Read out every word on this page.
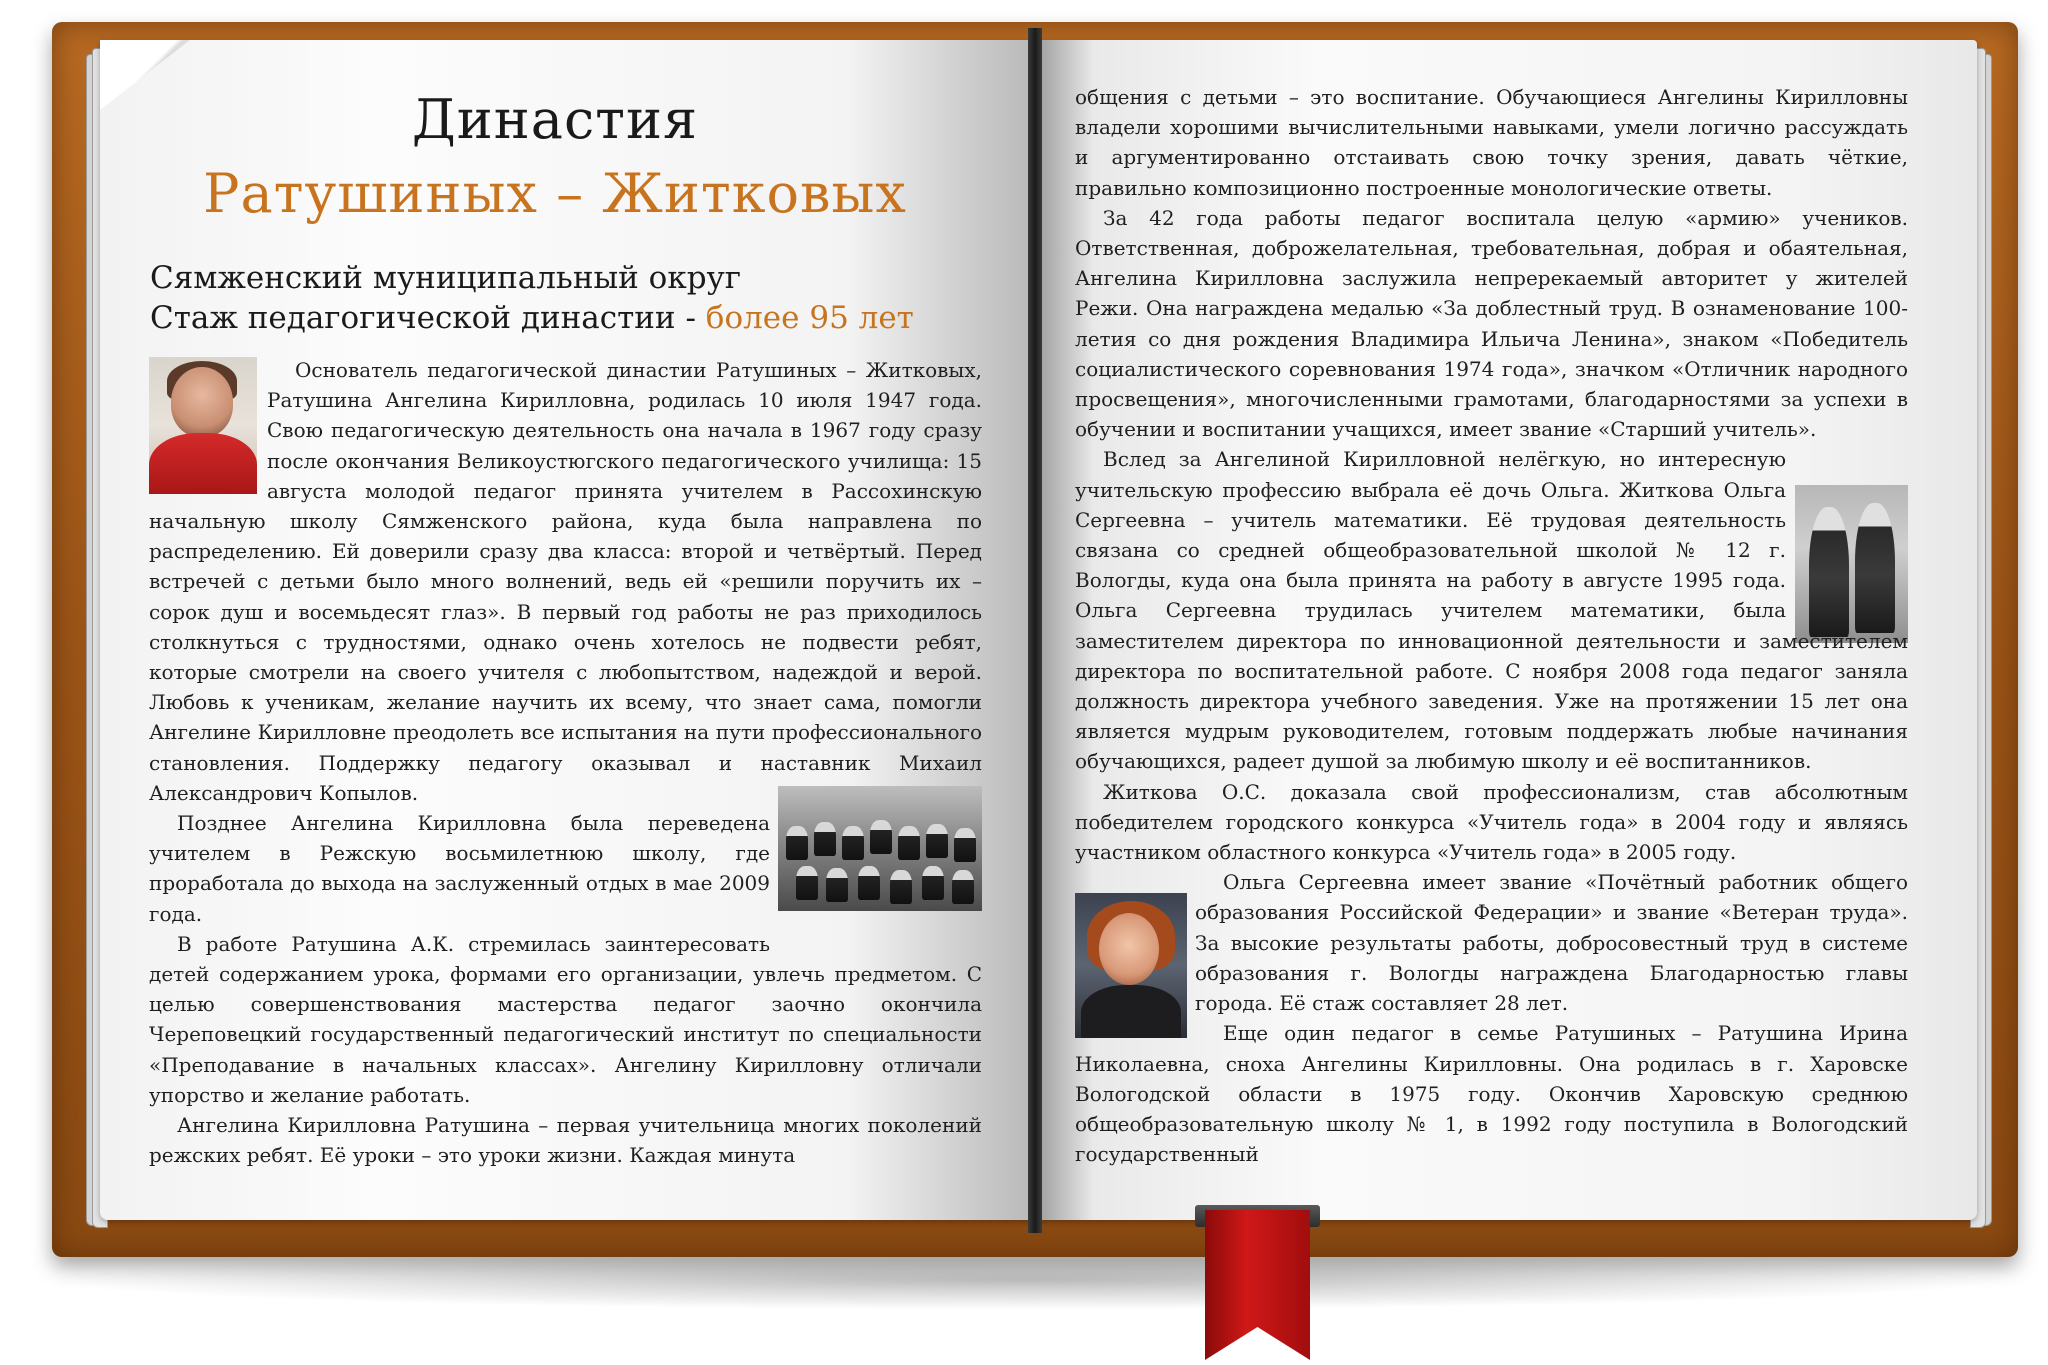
Династия
Ратушиных – Житковых
Сямженский муниципальный округ
Стаж педагогической династии - более 95 лет

Основатель педагогической династии Ратушиных – Житковых, Ратушина Ангелина Кирилловна, родилась 10 июля 1947 года. Свою педагогическую деятельность она начала в 1967 году сразу после окончания Великоустюгского педагогического училища: 15 августа молодой педагог принята учителем в Рассохинскую начальную школу Сямженского района, куда была направлена по распределению. Ей доверили сразу два класса: второй и четвёртый. Перед встречей с детьми было много волнений, ведь ей «решили поручить их – сорок душ и восемьдесят глаз». В первый год работы не раз приходилось столкнуться с трудностями, однако очень хотелось не подвести ребят, которые смотрели на своего учителя с любопытством, надеждой и верой. Любовь к ученикам, желание научить их всему, что знает сама, помогли Ангелине Кирилловне преодолеть все испытания на пути профессионального становления. Поддержку педагогу оказывал и наставник Михаил Александрович Копылов.

Позднее Ангелина Кирилловна была переведена учителем в Режскую восьмилетнюю школу, где проработала до выхода на заслуженный отдых в мае 2009 года.

В работе Ратушина А.К. стремилась заинтересовать детей содержанием урока, формами его организации, увлечь предметом. С целью совершенствования мастерства педагог заочно окончила Череповецкий государственный педагогический институт по специальности «Преподавание в начальных классах». Ангелину Кирилловну отличали упорство и желание работать.

Ангелина Кирилловна Ратушина – первая учительница многих поколений режских ребят. Её уроки – это уроки жизни. Каждая минута

общения с детьми – это воспитание. Обучающиеся Ангелины Кирилловны владели хорошими вычислительными навыками, умели логично рассуждать и аргументированно отстаивать свою точку зрения, давать чёткие, правильно композиционно построенные монологические ответы.

За 42 года работы педагог воспитала целую «армию» учеников. Ответственная, доброжелательная, требовательная, добрая и обаятельная, Ангелина Кирилловна заслужила непререкаемый авторитет у жителей Режи. Она награждена медалью «За доблестный труд. В ознаменование 100-летия со дня рождения Владимира Ильича Ленина», знаком «Победитель социалистического соревнования 1974 года», значком «Отличник народного просвещения», многочисленными грамотами, благодарностями за успехи в обучении и воспитании учащихся, имеет звание «Старший учитель».

Вслед за Ангелиной Кирилловной нелёгкую, но интересную учительскую профессию выбрала её дочь Ольга. Житкова Ольга Сергеевна – учитель математики. Её трудовая деятельность связана со средней общеобразовательной школой № 12 г. Вологды, куда она была принята на работу в августе 1995 года. Ольга Сергеевна трудилась учителем математики, была заместителем директора по инновационной деятельности и заместителем директора по воспитательной работе. С ноября 2008 года педагог заняла должность директора учебного заведения. Уже на протяжении 15 лет она является мудрым руководителем, готовым поддержать любые начинания обучающихся, радеет душой за любимую школу и её воспитанников.

Житкова О.С. доказала свой профессионализм, став абсолютным победителем городского конкурса «Учитель года» в 2004 году и являясь участником областного конкурса «Учитель года» в 2005 году.

Ольга Сергеевна имеет звание «Почётный работник общего образования Российской Федерации» и звание «Ветеран труда». За высокие результаты работы, добросовестный труд в системе образования г. Вологды награждена Благодарностью главы города. Её стаж составляет 28 лет.

Еще один педагог в семье Ратушиных – Ратушина Ирина Николаевна, сноха Ангелины Кирилловны. Она родилась в г. Харовске Вологодской области в 1975 году. Окончив Харовскую среднюю общеобразовательную школу № 1, в 1992 году поступила в Вологодский государственный
